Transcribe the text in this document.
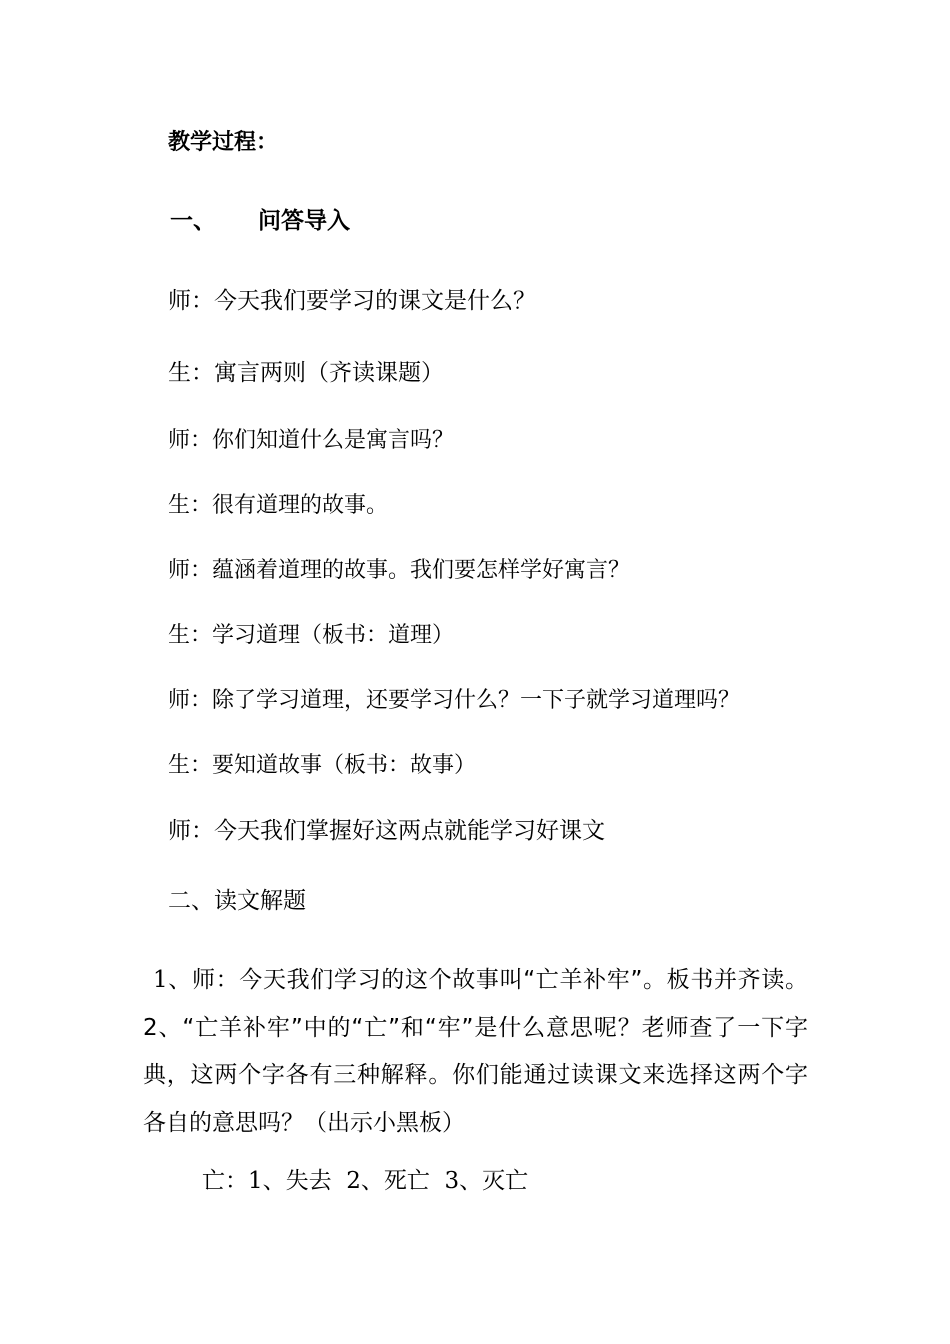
教学过程：
一、 问答导入
师：今天我们要学习的课文是什么？
生：寓言两则（齐读课题）
师：你们知道什么是寓言吗？
生：很有道理的故事。
师：蕴涵着道理的故事。我们要怎样学好寓言？
生：学习道理（板书：道理）
师：除了学习道理，还要学习什么？一下子就学习道理吗？
生：要知道故事（板书：故事）
师：今天我们掌握好这两点就能学习好课文
二、读文解题
1、师：今天我们学习的这个故事叫“亡羊补牢”。板书并齐读。2、“亡羊补牢”中的“亡”和“牢”是什么意思呢？老师查了一下字典，这两个字各有三种解释。你们能通过读课文来选择这两个字各自的意思吗？（出示小黑板）
亡：1、失去 2、死亡 3、灭亡
